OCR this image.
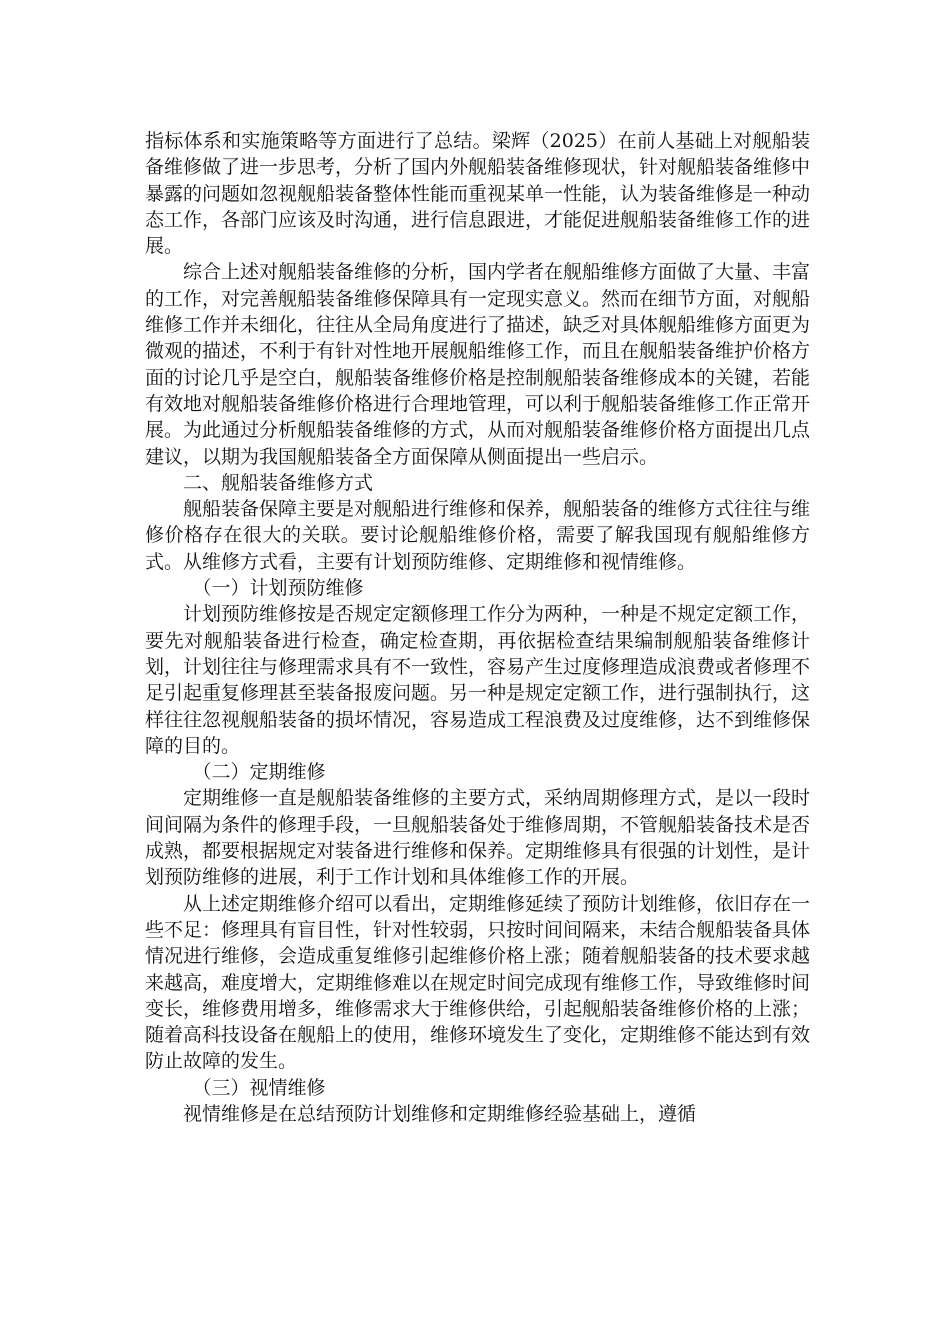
指标体系和实施策略等方面进行了总结。梁辉（2025）在前人基础上对舰船装备维修做了进一步思考，分析了国内外舰船装备维修现状，针对舰船装备维修中暴露的问题如忽视舰船装备整体性能而重视某单一性能，认为装备维修是一种动态工作，各部门应该及时沟通，进行信息跟进，才能促进舰船装备维修工作的进展。

综合上述对舰船装备维修的分析，国内学者在舰船维修方面做了大量、丰富的工作，对完善舰船装备维修保障具有一定现实意义。然而在细节方面，对舰船维修工作并未细化，往往从全局角度进行了描述，缺乏对具体舰船维修方面更为微观的描述，不利于有针对性地开展舰船维修工作，而且在舰船装备维护价格方面的讨论几乎是空白，舰船装备维修价格是控制舰船装备维修成本的关键，若能有效地对舰船装备维修价格进行合理地管理，可以利于舰船装备维修工作正常开展。为此通过分析舰船装备维修的方式，从而对舰船装备维修价格方面提出几点建议，以期为我国舰船装备全方面保障从侧面提出一些启示。

二、舰船装备维修方式

舰船装备保障主要是对舰船进行维修和保养，舰船装备的维修方式往往与维修价格存在很大的关联。要讨论舰船维修价格，需要了解我国现有舰船维修方式。从维修方式看，主要有计划预防维修、定期维修和视情维修。

（一）计划预防维修

计划预防维修按是否规定定额修理工作分为两种，一种是不规定定额工作，要先对舰船装备进行检查，确定检查期，再依据检查结果编制舰船装备维修计划，计划往往与修理需求具有不一致性，容易产生过度修理造成浪费或者修理不足引起重复修理甚至装备报废问题。另一种是规定定额工作，进行强制执行，这样往往忽视舰船装备的损坏情况，容易造成工程浪费及过度维修，达不到维修保障的目的。

（二）定期维修

定期维修一直是舰船装备维修的主要方式，采纳周期修理方式，是以一段时间间隔为条件的修理手段，一旦舰船装备处于维修周期，不管舰船装备技术是否成熟，都要根据规定对装备进行维修和保养。定期维修具有很强的计划性，是计划预防维修的进展，利于工作计划和具体维修工作的开展。

从上述定期维修介绍可以看出，定期维修延续了预防计划维修，依旧存在一些不足：修理具有盲目性，针对性较弱，只按时间间隔来，未结合舰船装备具体情况进行维修，会造成重复维修引起维修价格上涨；随着舰船装备的技术要求越来越高，难度增大，定期维修难以在规定时间完成现有维修工作，导致维修时间变长，维修费用增多，维修需求大于维修供给，引起舰船装备维修价格的上涨；随着高科技设备在舰船上的使用，维修环境发生了变化，定期维修不能达到有效防止故障的发生。

（三）视情维修

视情维修是在总结预防计划维修和定期维修经验基础上，遵循
